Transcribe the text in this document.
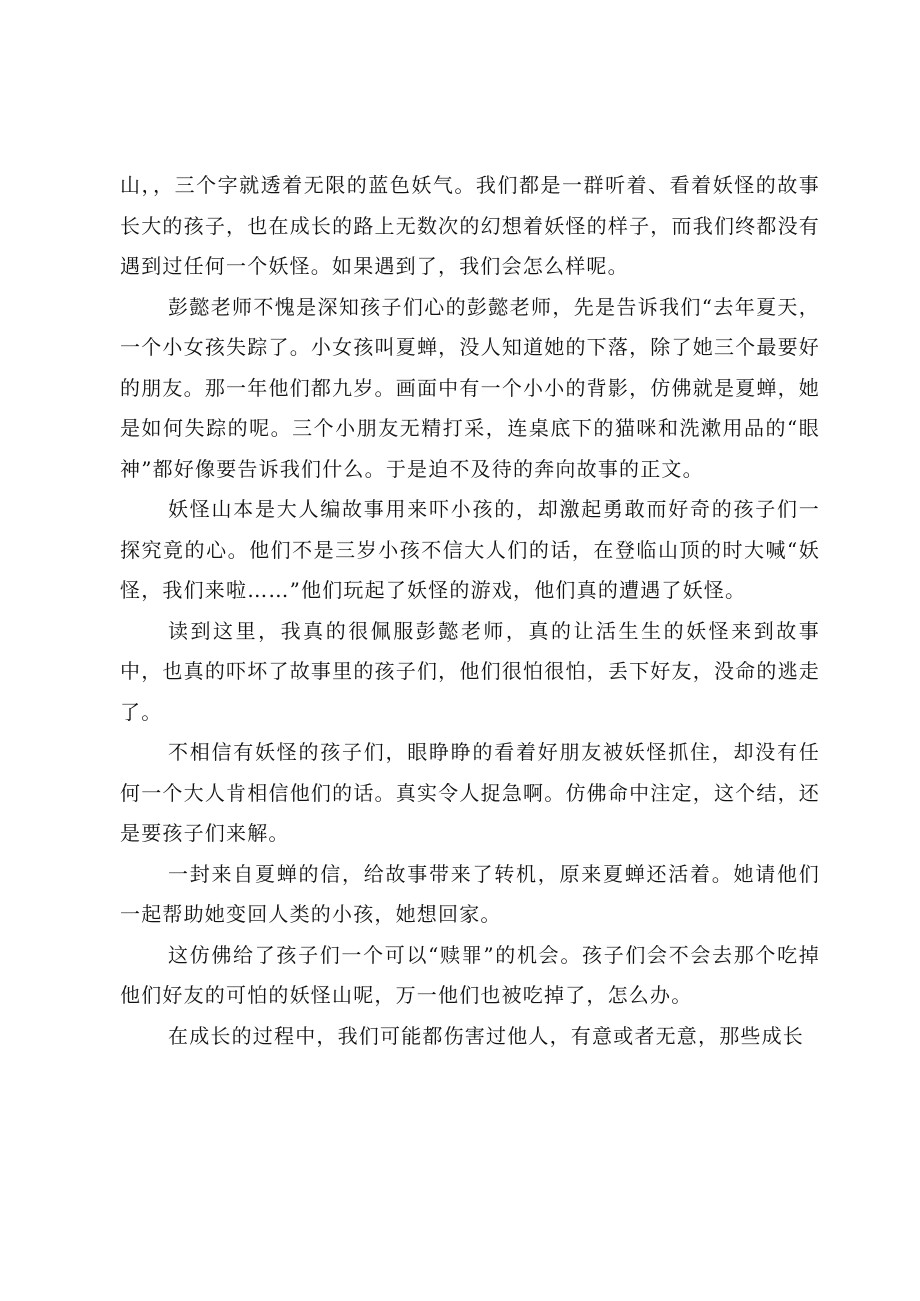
山，，三个字就透着无限的蓝色妖气。我们都是一群听着、看着妖怪的故事长大的孩子，也在成长的路上无数次的幻想着妖怪的样子，而我们终都没有遇到过任何一个妖怪。如果遇到了，我们会怎么样呢。

彭懿老师不愧是深知孩子们心的彭懿老师，先是告诉我们“去年夏天，一个小女孩失踪了。小女孩叫夏蝉，没人知道她的下落，除了她三个最要好的朋友。那一年他们都九岁。画面中有一个小小的背影，仿佛就是夏蝉，她是如何失踪的呢。三个小朋友无精打采，连桌底下的猫咪和洗漱用品的“眼神”都好像要告诉我们什么。于是迫不及待的奔向故事的正文。

妖怪山本是大人编故事用来吓小孩的，却激起勇敢而好奇的孩子们一探究竟的心。他们不是三岁小孩不信大人们的话，在登临山顶的时大喊“妖怪，我们来啦……”他们玩起了妖怪的游戏，他们真的遭遇了妖怪。

读到这里，我真的很佩服彭懿老师，真的让活生生的妖怪来到故事中，也真的吓坏了故事里的孩子们，他们很怕很怕，丢下好友，没命的逃走了。

不相信有妖怪的孩子们，眼睁睁的看着好朋友被妖怪抓住，却没有任何一个大人肯相信他们的话。真实令人捉急啊。仿佛命中注定，这个结，还是要孩子们来解。

一封来自夏蝉的信，给故事带来了转机，原来夏蝉还活着。她请他们一起帮助她变回人类的小孩，她想回家。

这仿佛给了孩子们一个可以“赎罪”的机会。孩子们会不会去那个吃掉他们好友的可怕的妖怪山呢，万一他们也被吃掉了，怎么办。

在成长的过程中，我们可能都伤害过他人，有意或者无意，那些成长
